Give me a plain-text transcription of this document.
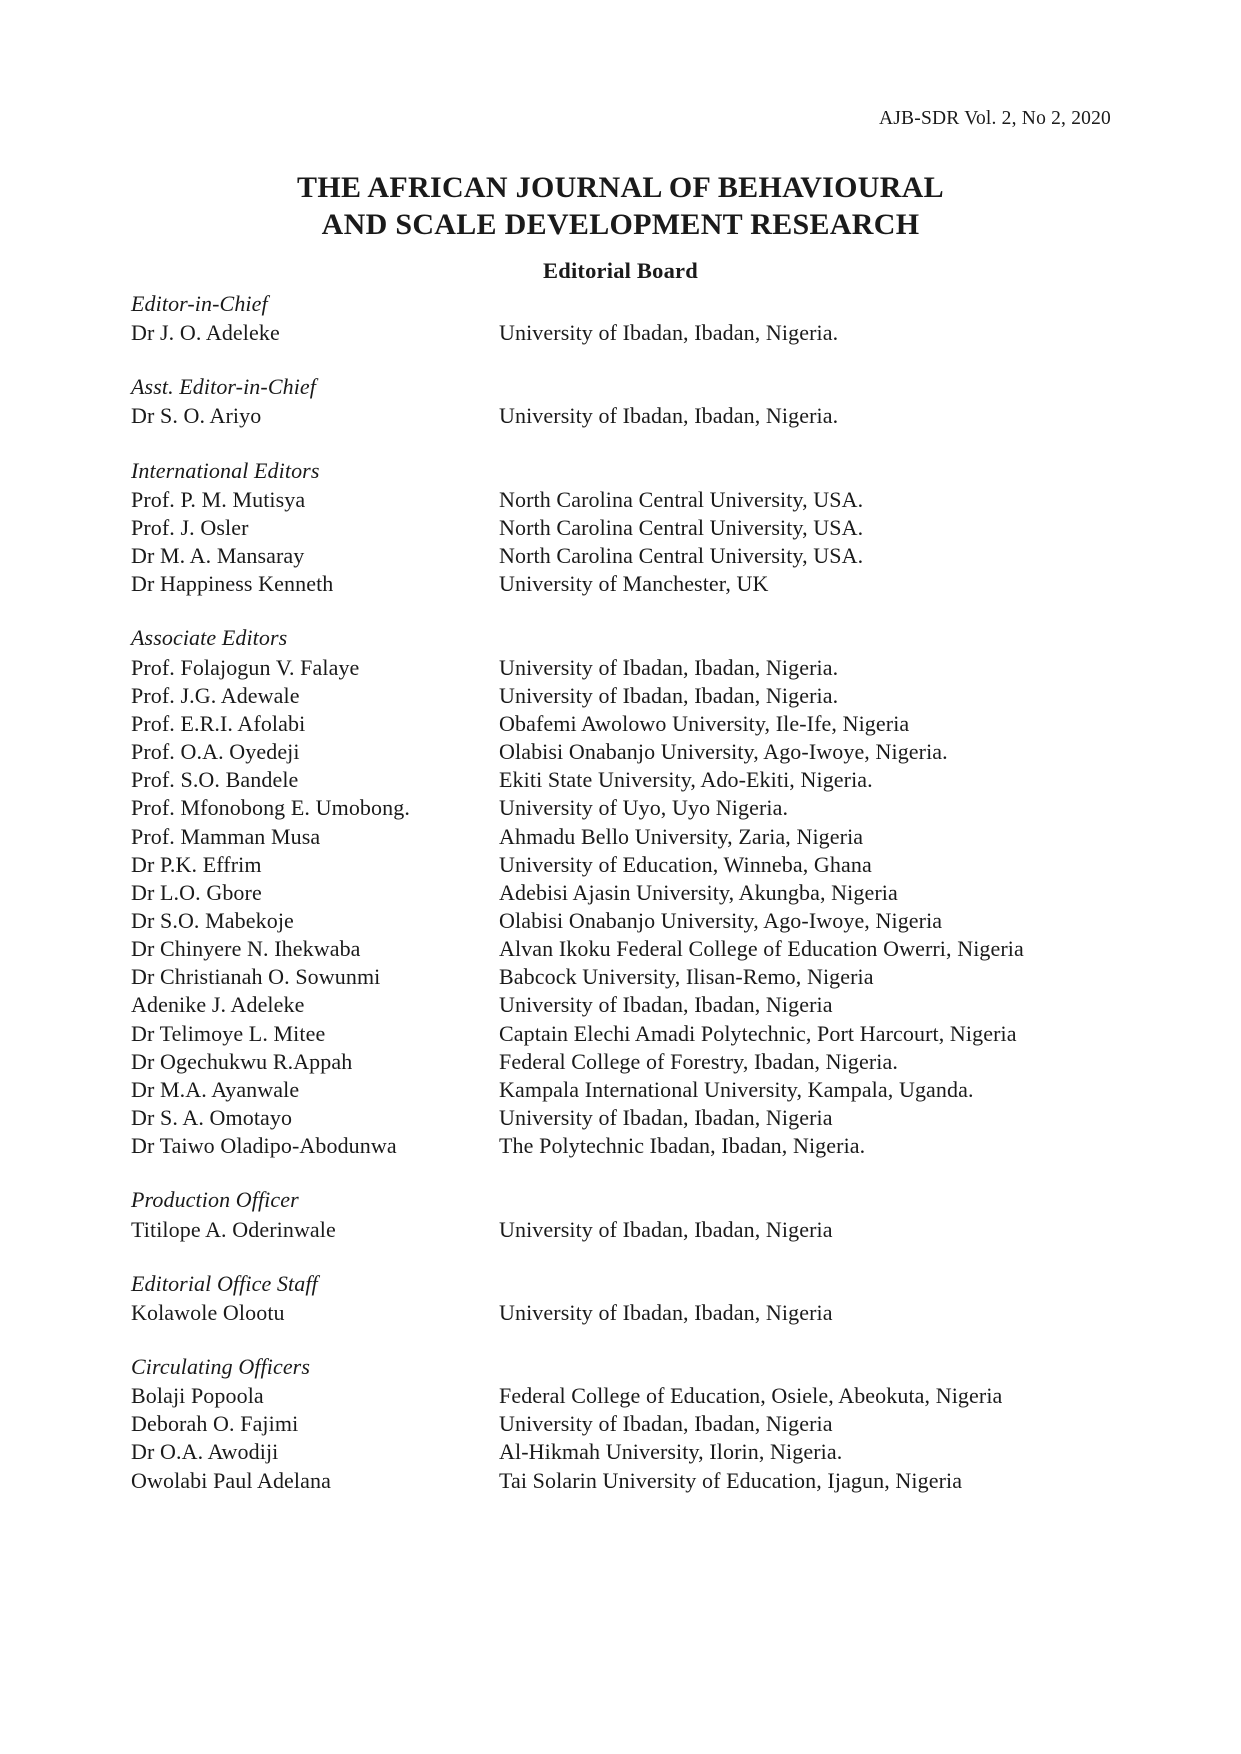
AJB-SDR Vol. 2, No 2, 2020
THE AFRICAN JOURNAL OF BEHAVIOURAL
AND SCALE DEVELOPMENT RESEARCH
Editorial Board
Editor-in-Chief
Dr J. O. Adeleke	University of Ibadan, Ibadan, Nigeria.
Asst. Editor-in-Chief
Dr S. O. Ariyo	University of Ibadan, Ibadan, Nigeria.
International Editors
Prof. P. M. Mutisya	North Carolina Central University, USA.
Prof. J. Osler	North Carolina Central University, USA.
Dr M. A. Mansaray	North Carolina Central University, USA.
Dr Happiness Kenneth	University of Manchester, UK
Associate Editors
Prof. Folajogun V. Falaye	University of Ibadan, Ibadan, Nigeria.
Prof. J.G. Adewale	University of Ibadan, Ibadan, Nigeria.
Prof. E.R.I. Afolabi	Obafemi Awolowo University, Ile-Ife, Nigeria
Prof. O.A. Oyedeji	Olabisi Onabanjo University, Ago-Iwoye, Nigeria.
Prof. S.O. Bandele	Ekiti State University, Ado-Ekiti, Nigeria.
Prof. Mfonobong E. Umobong.	University of Uyo, Uyo Nigeria.
Prof. Mamman Musa	Ahmadu Bello University, Zaria, Nigeria
Dr P.K. Effrim	University of Education, Winneba, Ghana
Dr L.O. Gbore	Adebisi Ajasin University, Akungba, Nigeria
Dr S.O. Mabekoje	Olabisi Onabanjo University, Ago-Iwoye, Nigeria
Dr Chinyere N. Ihekwaba	Alvan Ikoku Federal College of Education Owerri, Nigeria
Dr Christianah O. Sowunmi	Babcock University, Ilisan-Remo, Nigeria
Adenike J. Adeleke	University of Ibadan, Ibadan, Nigeria
Dr Telimoye L. Mitee	Captain Elechi Amadi Polytechnic, Port Harcourt, Nigeria
Dr Ogechukwu R.Appah	Federal College of Forestry, Ibadan, Nigeria.
Dr M.A. Ayanwale	Kampala International University, Kampala, Uganda.
Dr S. A. Omotayo	University of Ibadan, Ibadan, Nigeria
Dr Taiwo Oladipo-Abodunwa	The Polytechnic Ibadan, Ibadan, Nigeria.
Production Officer
Titilope A. Oderinwale	University of Ibadan, Ibadan, Nigeria
Editorial Office Staff
Kolawole Olootu	University of Ibadan, Ibadan, Nigeria
Circulating Officers
Bolaji Popoola	Federal College of Education, Osiele, Abeokuta, Nigeria
Deborah O. Fajimi	University of Ibadan, Ibadan, Nigeria
Dr O.A. Awodiji	Al-Hikmah University, Ilorin, Nigeria.
Owolabi Paul Adelana	Tai Solarin University of Education, Ijagun, Nigeria
